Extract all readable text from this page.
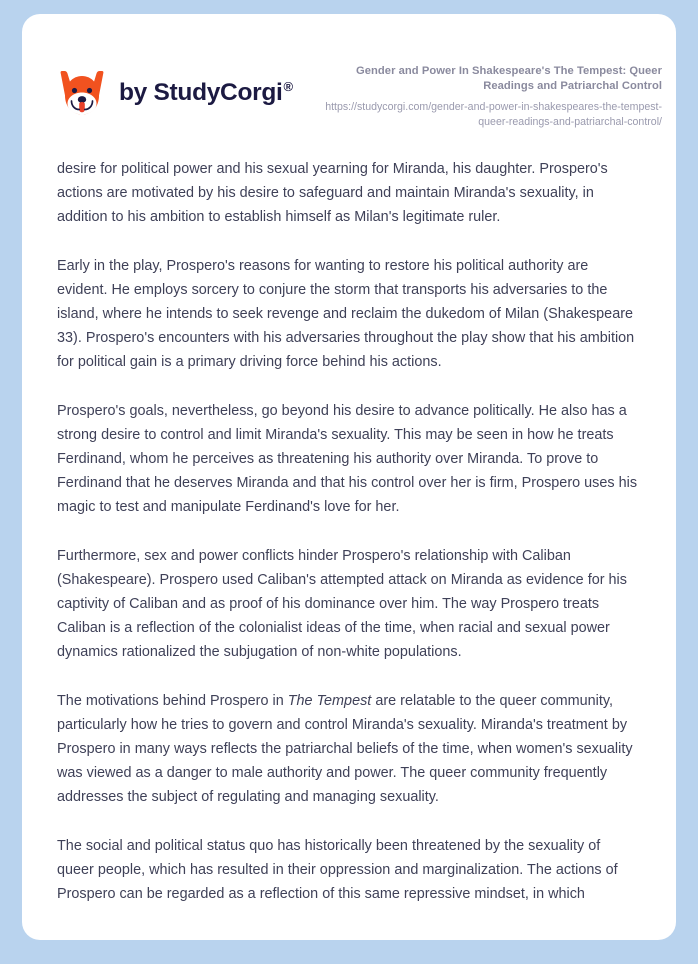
by StudyCorgi®

Gender and Power In Shakespeare's The Tempest: Queer Readings and Patriarchal Control

https://studycorgi.com/gender-and-power-in-shakespeares-the-tempest-queer-readings-and-patriarchal-control/

desire for political power and his sexual yearning for Miranda, his daughter. Prospero's actions are motivated by his desire to safeguard and maintain Miranda's sexuality, in addition to his ambition to establish himself as Milan's legitimate ruler.

Early in the play, Prospero's reasons for wanting to restore his political authority are evident. He employs sorcery to conjure the storm that transports his adversaries to the island, where he intends to seek revenge and reclaim the dukedom of Milan (Shakespeare 33). Prospero's encounters with his adversaries throughout the play show that his ambition for political gain is a primary driving force behind his actions.

Prospero's goals, nevertheless, go beyond his desire to advance politically. He also has a strong desire to control and limit Miranda's sexuality. This may be seen in how he treats Ferdinand, whom he perceives as threatening his authority over Miranda. To prove to Ferdinand that he deserves Miranda and that his control over her is firm, Prospero uses his magic to test and manipulate Ferdinand's love for her.

Furthermore, sex and power conflicts hinder Prospero's relationship with Caliban (Shakespeare). Prospero used Caliban's attempted attack on Miranda as evidence for his captivity of Caliban and as proof of his dominance over him. The way Prospero treats Caliban is a reflection of the colonialist ideas of the time, when racial and sexual power dynamics rationalized the subjugation of non-white populations.

The motivations behind Prospero in The Tempest are relatable to the queer community, particularly how he tries to govern and control Miranda's sexuality. Miranda's treatment by Prospero in many ways reflects the patriarchal beliefs of the time, when women's sexuality was viewed as a danger to male authority and power. The queer community frequently addresses the subject of regulating and managing sexuality.

The social and political status quo has historically been threatened by the sexuality of queer people, which has resulted in their oppression and marginalization. The actions of Prospero can be regarded as a reflection of this same repressive mindset, in which
